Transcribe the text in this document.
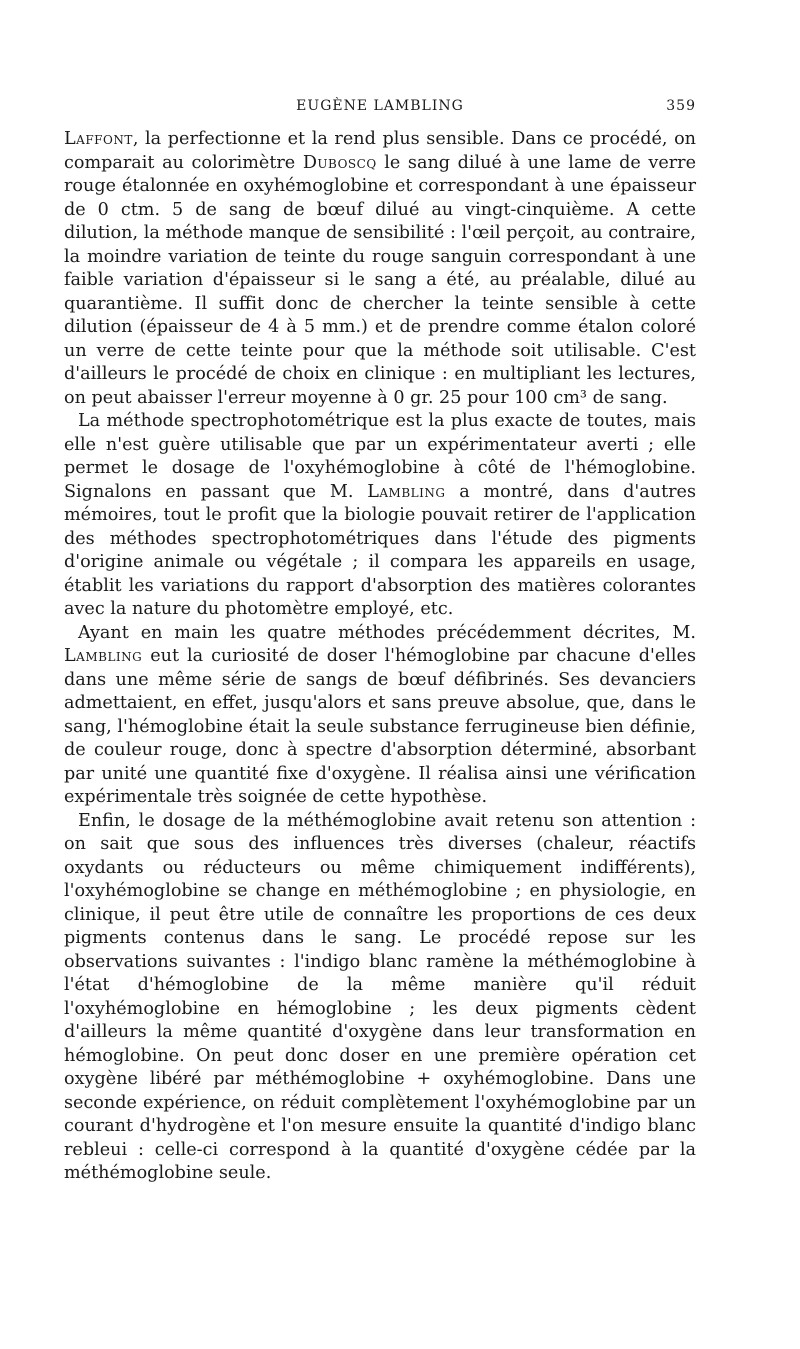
EUGÈNE LAMBLING	359

Laffont, la perfectionne et la rend plus sensible. Dans ce procédé, on comparait au colorimètre Duboscq le sang dilué à une lame de verre rouge étalonnée en oxyhémoglobine et correspondant à une épaisseur de 0 ctm. 5 de sang de bœuf dilué au vingt-cinquième. A cette dilution, la méthode manque de sensibilité : l'œil perçoit, au contraire, la moindre variation de teinte du rouge sanguin correspondant à une faible variation d'épaisseur si le sang a été, au préalable, dilué au quarantième. Il suffit donc de chercher la teinte sensible à cette dilution (épaisseur de 4 à 5 mm.) et de prendre comme étalon coloré un verre de cette teinte pour que la méthode soit utilisable. C'est d'ailleurs le procédé de choix en clinique : en multipliant les lectures, on peut abaisser l'erreur moyenne à 0 gr. 25 pour 100 cm³ de sang.

La méthode spectrophotométrique est la plus exacte de toutes, mais elle n'est guère utilisable que par un expérimentateur averti ; elle permet le dosage de l'oxyhémoglobine à côté de l'hémoglobine. Signalons en passant que M. Lambling a montré, dans d'autres mémoires, tout le profit que la biologie pouvait retirer de l'application des méthodes spectrophotométriques dans l'étude des pigments d'origine animale ou végétale ; il compara les appareils en usage, établit les variations du rapport d'absorption des matières colorantes avec la nature du photomètre employé, etc.

Ayant en main les quatre méthodes précédemment décrites, M. Lambling eut la curiosité de doser l'hémoglobine par chacune d'elles dans une même série de sangs de bœuf défibrinés. Ses devanciers admettaient, en effet, jusqu'alors et sans preuve absolue, que, dans le sang, l'hémoglobine était la seule substance ferrugineuse bien définie, de couleur rouge, donc à spectre d'absorption déterminé, absorbant par unité une quantité fixe d'oxygène. Il réalisa ainsi une vérification expérimentale très soignée de cette hypothèse.

Enfin, le dosage de la méthémoglobine avait retenu son attention : on sait que sous des influences très diverses (chaleur, réactifs oxydants ou réducteurs ou même chimiquement indifférents), l'oxyhémoglobine se change en méthémoglobine ; en physiologie, en clinique, il peut être utile de connaître les proportions de ces deux pigments contenus dans le sang. Le procédé repose sur les observations suivantes : l'indigo blanc ramène la méthémoglobine à l'état d'hémoglobine de la même manière qu'il réduit l'oxyhémoglobine en hémoglobine ; les deux pigments cèdent d'ailleurs la même quantité d'oxygène dans leur transformation en hémoglobine. On peut donc doser en une première opération cet oxygène libéré par méthémoglobine + oxyhémoglobine. Dans une seconde expérience, on réduit complètement l'oxyhémoglobine par un courant d'hydrogène et l'on mesure ensuite la quantité d'indigo blanc rebleui : celle-ci correspond à la quantité d'oxygène cédée par la méthémoglobine seule.
